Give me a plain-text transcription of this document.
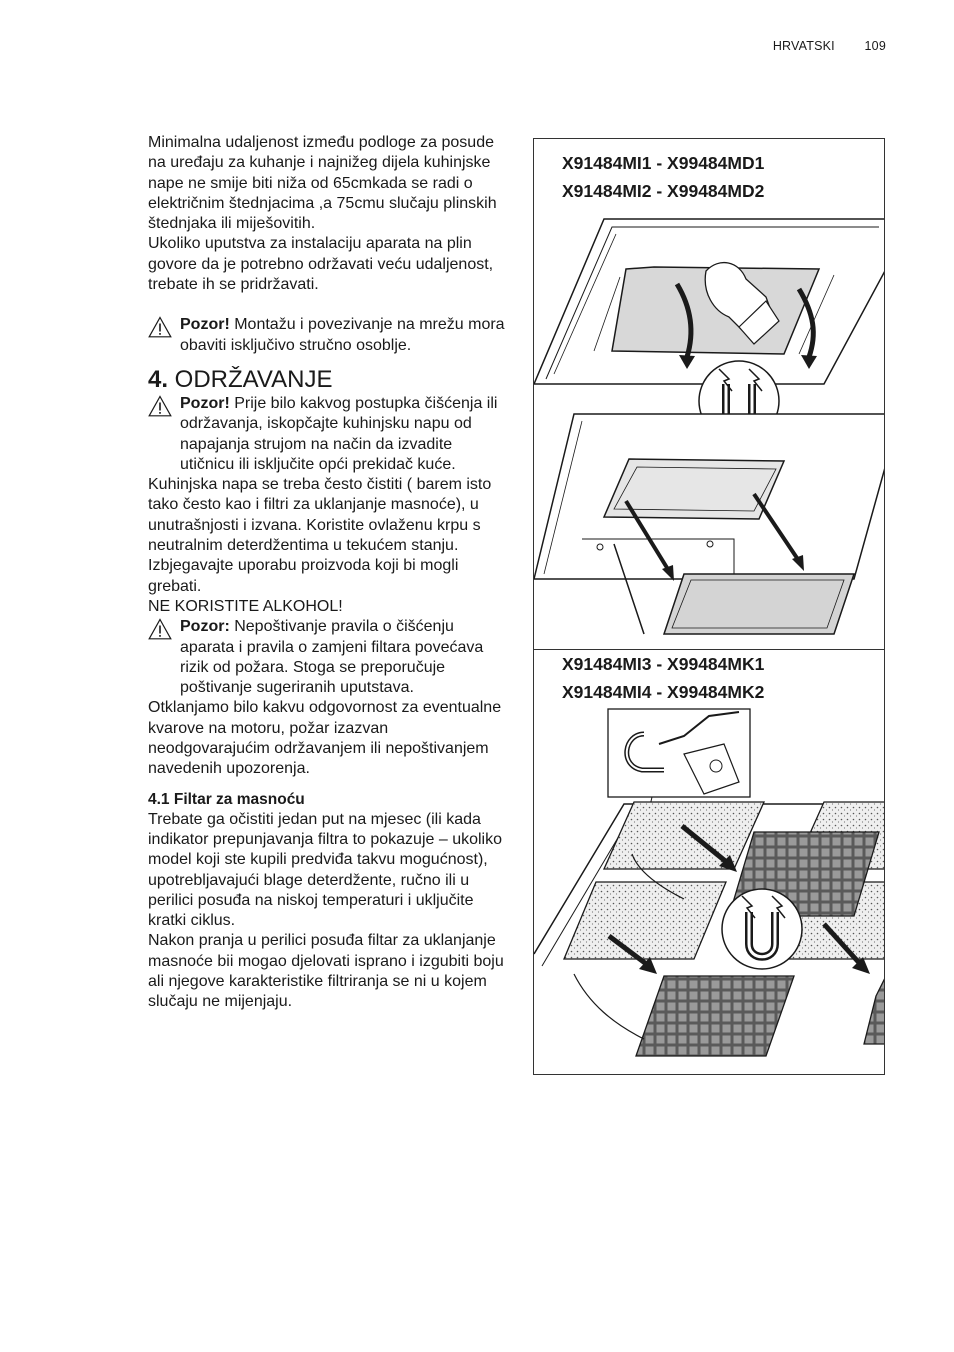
HRVATSKI 109

Minimalna udaljenost između podloge za posude na uređaju za kuhanje i najnižeg dijela kuhinjske nape ne smije biti niža od 65cmkada se radi o električnim štednjacima ,a 75cmu slučaju plinskih štednjaka ili miješovitih.

Ukoliko uputstva za instalaciju aparata na plin govore da je potrebno održavati veću udaljenost, trebate ih se pridržavati.

Pozor! Montažu i povezivanje na mrežu mora obaviti isključivo stručno osoblje.

4. ODRŽAVANJE

Pozor! Prije bilo kakvog postupka čišćenja ili održavanja, iskopčajte kuhinjsku napu od napajanja strujom na način da izvadite utičnicu ili isključite opći prekidač kuće.

Kuhinjska napa se treba često čistiti ( barem isto tako često kao i filtri za uklanjanje masnoće), u unutrašnjosti i izvana. Koristite ovlaženu krpu s neutralnim deterdžentima u tekućem stanju.

Izbjegavajte uporabu proizvoda koji bi mogli grebati.

NE KORISTITE ALKOHOL!

Pozor: Nepoštivanje pravila o čišćenju aparata i pravila o zamjeni filtara povećava rizik od požara. Stoga se preporučuje poštivanje sugeriranih uputstava.

Otklanjamo bilo kakvu odgovornost za eventualne kvarove na motoru, požar izazvan neodgovarajućim održavanjem ili nepoštivanjem navedenih upozorenja.

4.1 Filtar za masnoću

Trebate ga očistiti jedan put na mjesec (ili kada indikator prepunjavanja filtra to pokazuje – ukoliko model koji ste kupili predviđa takvu mogućnost), upotrebljavajući blage deterdžente, ručno ili u perilici posuđa na niskoj temperaturi i uključite kratki ciklus.

Nakon pranja u perilici posuđa filtar za uklanjanje masnoće bii mogao djelovati isprano i izgubiti boju ali njegove karakteristike filtriranja se ni u kojem slučaju ne mijenjaju.

X91484MI1 - X99484MD1
X91484MI2 - X99484MD2
X91484MI3 - X99484MK1
X91484MI4 - X99484MK2
